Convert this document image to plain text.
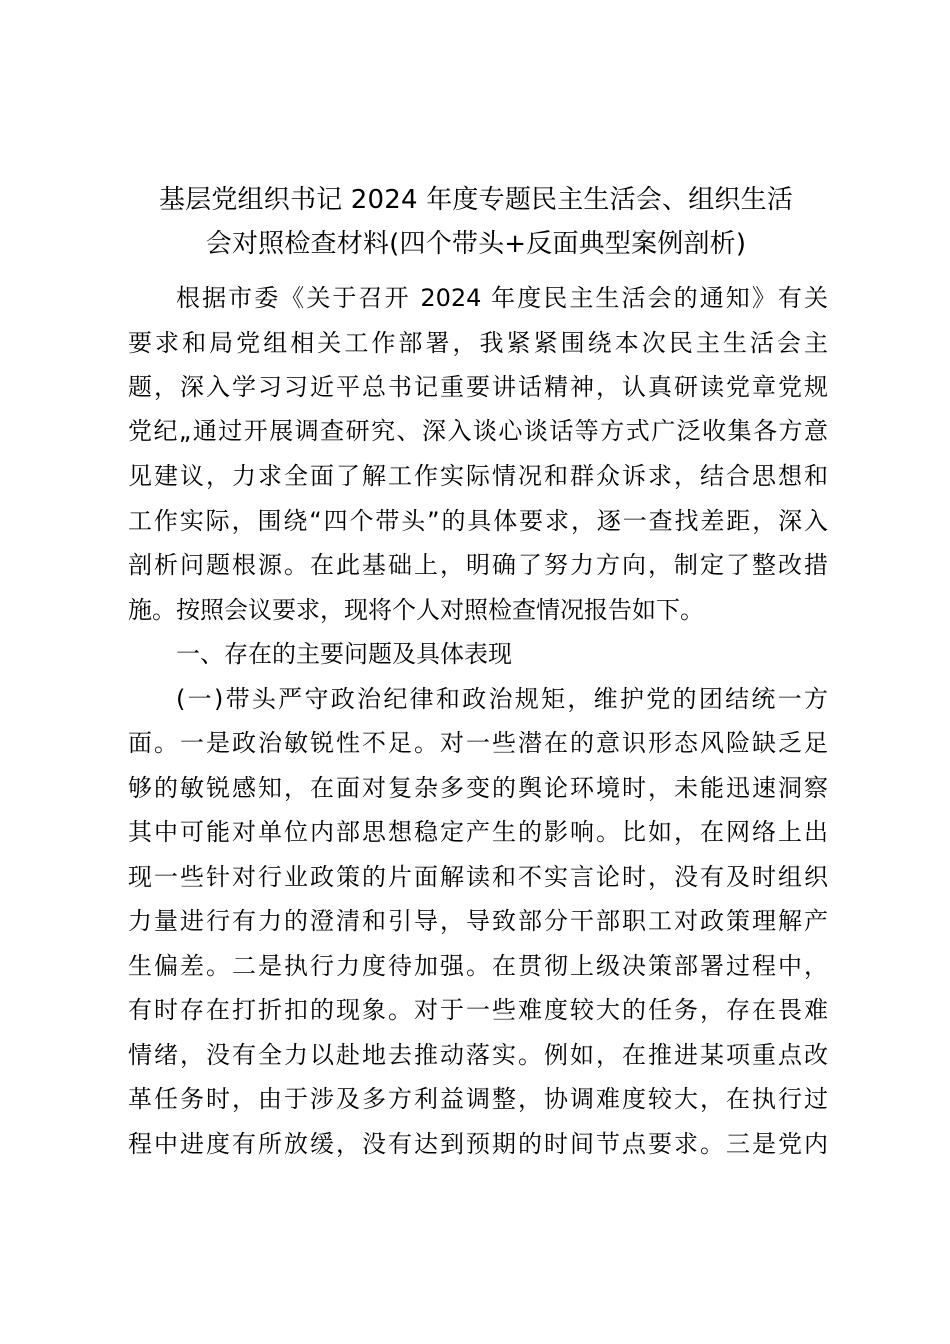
基层党组织书记 2024 年度专题民主生活会、组织生活
会对照检查材料(四个带头+反面典型案例剖析)
根据市委《关于召开 2024 年度民主生活会的通知》有关
要求和局党组相关工作部署，我紧紧围绕本次民主生活会主
题，深入学习习近平总书记重要讲话精神，认真研读党章党规
党纪„通过开展调查研究、深入谈心谈话等方式广泛收集各方意
见建议，力求全面了解工作实际情况和群众诉求，结合思想和
工作实际，围绕“四个带头”的具体要求，逐一查找差距，深入
剖析问题根源。在此基础上，明确了努力方向，制定了整改措
施。按照会议要求，现将个人对照检查情况报告如下。
一、存在的主要问题及具体表现
(一)带头严守政治纪律和政治规矩，维护党的团结统一方
面。一是政治敏锐性不足。对一些潜在的意识形态风险缺乏足
够的敏锐感知，在面对复杂多变的舆论环境时，未能迅速洞察
其中可能对单位内部思想稳定产生的影响。比如，在网络上出
现一些针对行业政策的片面解读和不实言论时，没有及时组织
力量进行有力的澄清和引导，导致部分干部职工对政策理解产
生偏差。二是执行力度待加强。在贯彻上级决策部署过程中，
有时存在打折扣的现象。对于一些难度较大的任务，存在畏难
情绪，没有全力以赴地去推动落实。例如，在推进某项重点改
革任务时，由于涉及多方利益调整，协调难度较大，在执行过
程中进度有所放缓，没有达到预期的时间节点要求。三是党内
